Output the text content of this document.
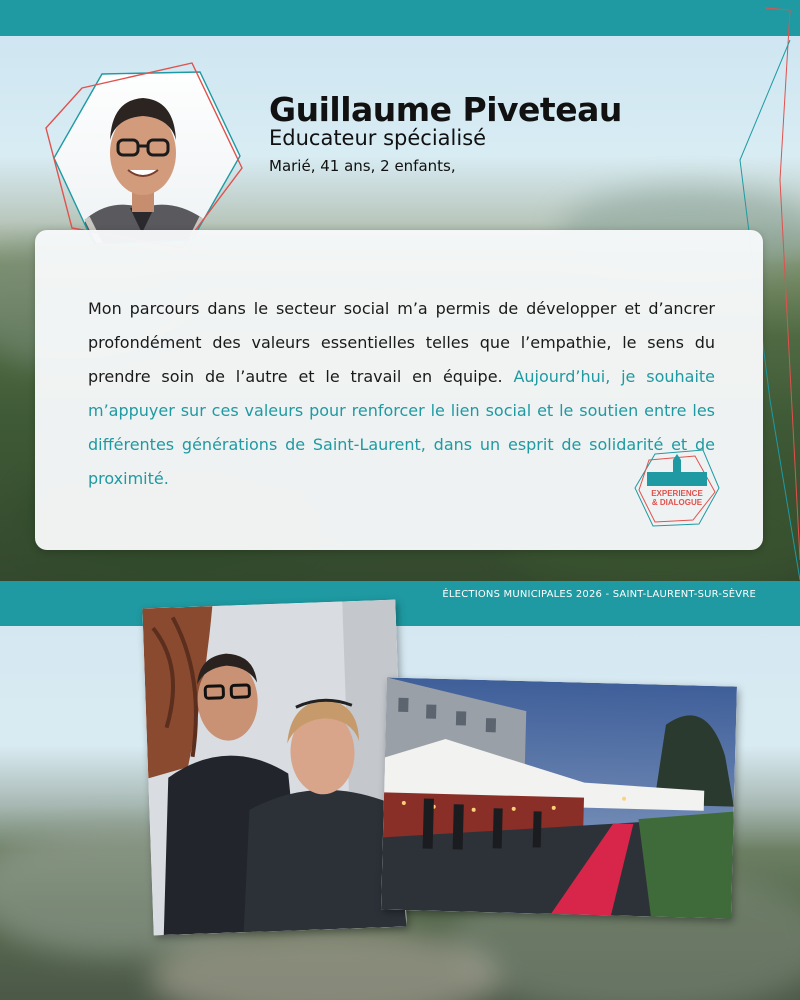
ÉLECTIONS MUNICIPALES 2026 - SAINT-LAURENT-SUR-SÈVRE
Guillaume Piveteau
Educateur spécialisé
Marié, 41 ans, 2 enfants,
Mon parcours dans le secteur social m’a permis de développer et d’ancrer profondément des valeurs essentielles telles que l’empathie, le sens du prendre soin de l’autre et le travail en équipe. Aujourd’hui, je souhaite m’appuyer sur ces valeurs pour renforcer le lien social et le soutien entre les différentes générations de Saint-Laurent, dans un esprit de solidarité et de proximité.
EXPERIENCE
& DIALOGUE
